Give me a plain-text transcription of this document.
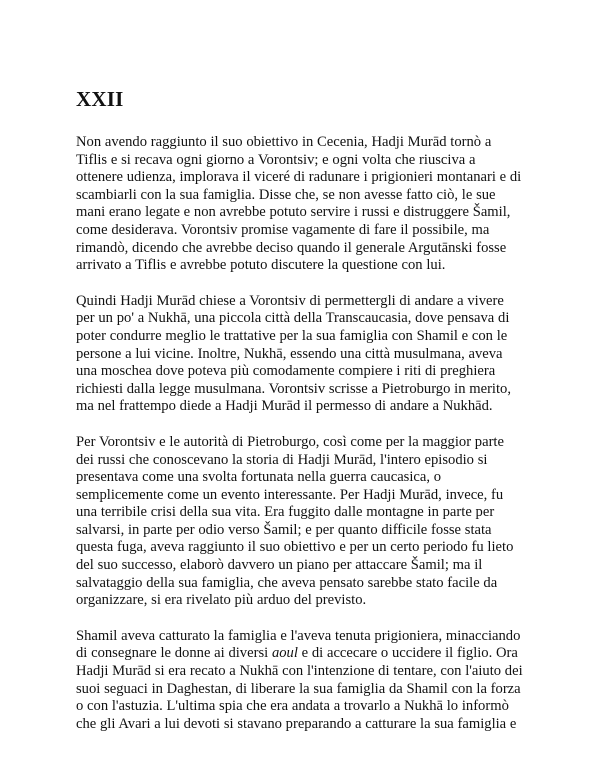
XXII

Non avendo raggiunto il suo obiettivo in Cecenia, Hadji Murād tornò a
Tiflis e si recava ogni giorno a Vorontsiv; e ogni volta che riusciva a
ottenere udienza, implorava il viceré di radunare i prigionieri montanari e di
scambiarli con la sua famiglia. Disse che, se non avesse fatto ciò, le sue
mani erano legate e non avrebbe potuto servire i russi e distruggere Šamil,
come desiderava. Vorontsiv promise vagamente di fare il possibile, ma
rimandò, dicendo che avrebbe deciso quando il generale Argutānski fosse
arrivato a Tiflis e avrebbe potuto discutere la questione con lui.

Quindi Hadji Murād chiese a Vorontsiv di permettergli di andare a vivere
per un po' a Nukhā, una piccola città della Transcaucasia, dove pensava di
poter condurre meglio le trattative per la sua famiglia con Shamil e con le
persone a lui vicine. Inoltre, Nukhā, essendo una città musulmana, aveva
una moschea dove poteva più comodamente compiere i riti di preghiera
richiesti dalla legge musulmana. Vorontsiv scrisse a Pietroburgo in merito,
ma nel frattempo diede a Hadji Murād il permesso di andare a Nukhād.

Per Vorontsiv e le autorità di Pietroburgo, così come per la maggior parte
dei russi che conoscevano la storia di Hadji Murād, l'intero episodio si
presentava come una svolta fortunata nella guerra caucasica, o
semplicemente come un evento interessante. Per Hadji Murād, invece, fu
una terribile crisi della sua vita. Era fuggito dalle montagne in parte per
salvarsi, in parte per odio verso Šamil; e per quanto difficile fosse stata
questa fuga, aveva raggiunto il suo obiettivo e per un certo periodo fu lieto
del suo successo, elaborò davvero un piano per attaccare Šamil; ma il
salvataggio della sua famiglia, che aveva pensato sarebbe stato facile da
organizzare, si era rivelato più arduo del previsto.

Shamil aveva catturato la famiglia e l'aveva tenuta prigioniera, minacciando
di consegnare le donne ai diversi aoul e di accecare o uccidere il figlio. Ora
Hadji Murād si era recato a Nukhā con l'intenzione di tentare, con l'aiuto dei
suoi seguaci in Daghestan, di liberare la sua famiglia da Shamil con la forza
o con l'astuzia. L'ultima spia che era andata a trovarlo a Nukhā lo informò
che gli Avari a lui devoti si stavano preparando a catturare la sua famiglia e
